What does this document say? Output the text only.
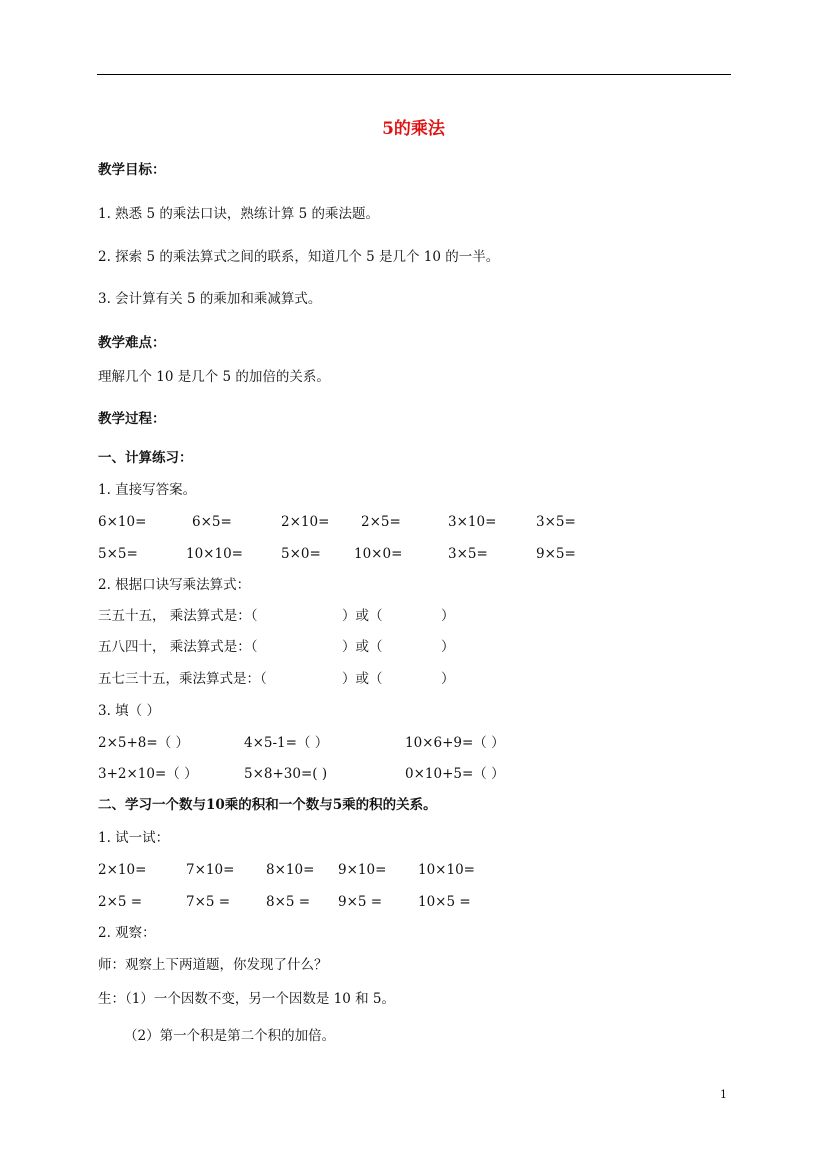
5的乘法
教学目标：
1. 熟悉 5 的乘法口诀，熟练计算 5 的乘法题。
2. 探索 5 的乘法算式之间的联系，知道几个 5 是几个 10 的一半。
3. 会计算有关 5 的乘加和乘减算式。
教学难点：
理解几个 10 是几个 5 的加倍的关系。
教学过程：
一、计算练习：
1. 直接写答案。
6×10=	6×5=	2×10= 2×5=	3×10=	3×5=
5×5=	10×10=	5×0= 10×0=	3×5=	9×5=
2. 根据口诀写乘法算式：
三五十五， 乘法算式是：（	）或（	）
五八四十， 乘法算式是：（	）或（	）
五七三十五，乘法算式是：（	）或（	）
3. 填（ ）
2×5+8=（ ）	4×5-1=（ ）	10×6+9=（ ）
3+2×10=（ ）	5×8+30=( )	0×10+5=（ ）
二、学习一个数与10乘的积和一个数与5乘的积的关系。
1. 试一试：
2×10=	7×10= 8×10= 9×10= 10×10=
2×5 =	7×5 =	8×5 = 9×5 =	10×5 =
2. 观察：
师：观察上下两道题，你发现了什么？
生：（1）一个因数不变，另一个因数是 10 和 5。
（2）第一个积是第二个积的加倍。
1
